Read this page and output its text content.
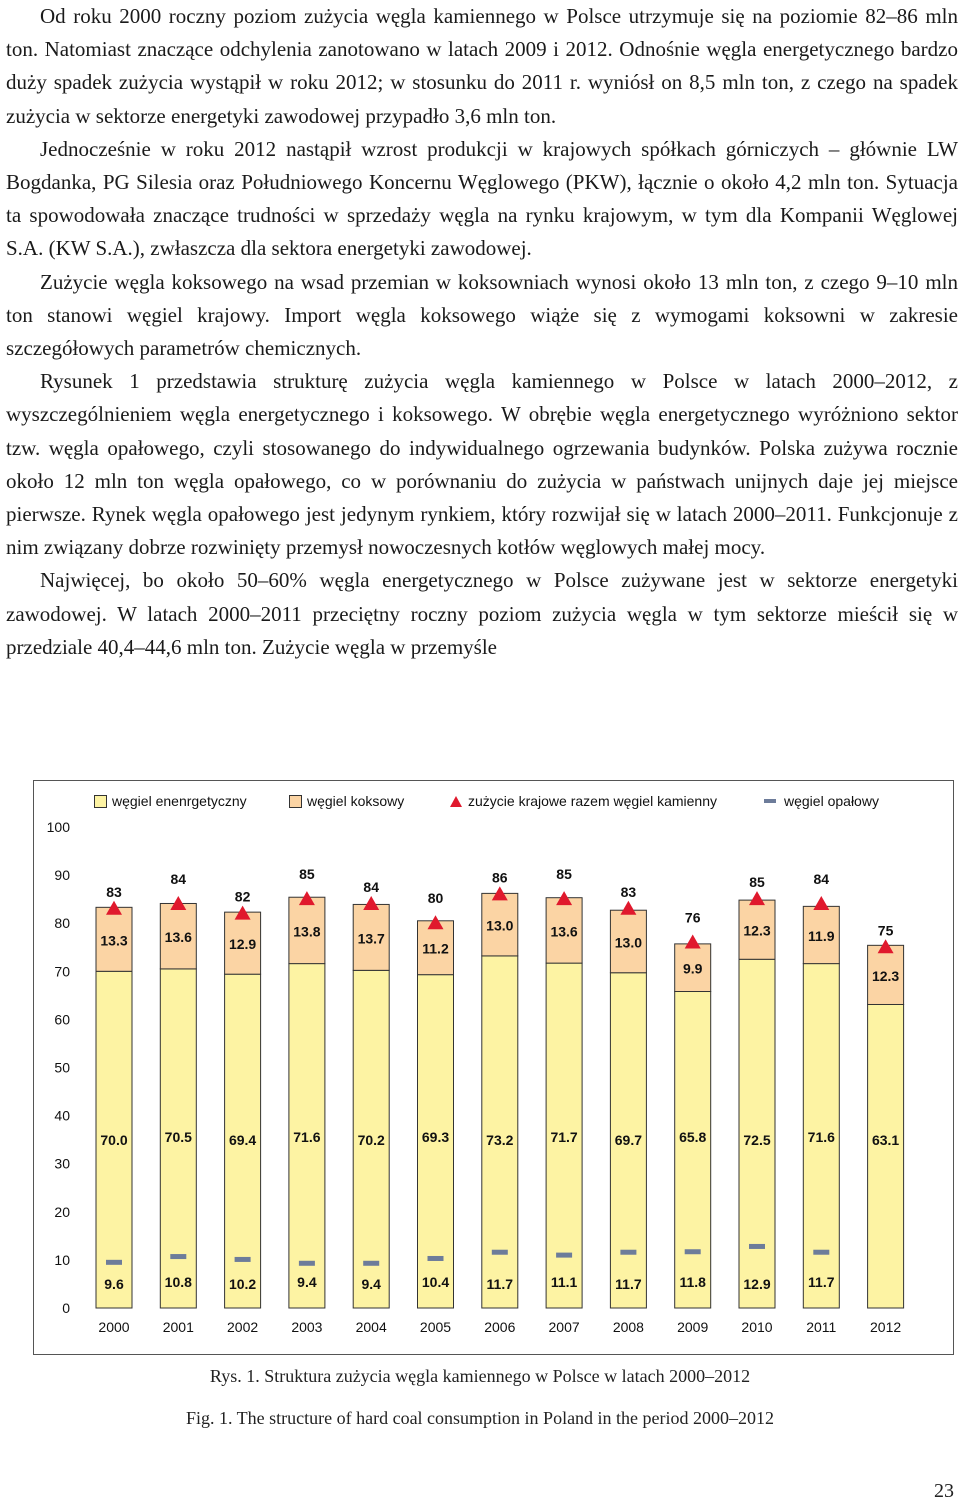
Od roku 2000 roczny poziom zużycia węgla kamiennego w Polsce utrzymuje się na poziomie 82–86 mln ton. Natomiast znaczące odchylenia zanotowano w latach 2009 i 2012. Odnośnie węgla energetycznego bardzo duży spadek zużycia wystąpił w roku 2012; w stosunku do 2011 r. wyniósł on 8,5 mln ton, z czego na spadek zużycia w sektorze energetyki zawodowej przypadło 3,6 mln ton.

Jednocześnie w roku 2012 nastąpił wzrost produkcji w krajowych spółkach górniczych – głównie LW Bogdanka, PG Silesia oraz Południowego Koncernu Węglowego (PKW), łącznie o około 4,2 mln ton. Sytuacja ta spowodowała znaczące trudności w sprzedaży węgla na rynku krajowym, w tym dla Kompanii Węglowej S.A. (KW S.A.), zwłaszcza dla sektora energetyki zawodowej.

Zużycie węgla koksowego na wsad przemian w koksowniach wynosi około 13 mln ton, z czego 9–10 mln ton stanowi węgiel krajowy. Import węgla koksowego wiąże się z wymogami koksowni w zakresie szczegółowych parametrów chemicznych.

Rysunek 1 przedstawia strukturę zużycia węgla kamiennego w Polsce w latach 2000–2012, z wyszczególnieniem węgla energetycznego i koksowego. W obrębie węgla energetycznego wyróżniono sektor tzw. węgla opałowego, czyli stosowanego do indywidualnego ogrzewania budynków. Polska zużywa rocznie około 12 mln ton węgla opałowego, co w porównaniu do zużycia w państwach unijnych daje jej miejsce pierwsze. Rynek węgla opałowego jest jedynym rynkiem, który rozwijał się w latach 2000–2011. Funkcjonuje z nim związany dobrze rozwinięty przemysł nowoczesnych kotłów węglowych małej mocy.

Najwięcej, bo około 50–60% węgla energetycznego w Polsce zużywane jest w sektorze energetyki zawodowej. W latach 2000–2011 przeciętny roczny poziom zużycia węgla w tym sektorze mieścił się w przedziale 40,4–44,6 mln ton. Zużycie węgla w przemyśle

węgiel enenrgetyczny	węgiel koksowy	zużycie krajowe razem węgiel kamienny	węgiel opałowy
0
10
20
30
40
50
60
70
80
90
100
70.0
13.3
83
9.6
2000
70.5
13.6
84
10.8
2001
69.4
12.9
82
10.2
2002
71.6
13.8
85
9.4
2003
70.2
13.7
84
9.4
2004
69.3
11.2
80
10.4
2005
73.2
13.0
86
11.7
2006
71.7
13.6
85
11.1
2007
69.7
13.0
83
11.7
2008
65.8
9.9
76
11.8
2009
72.5
12.3
85
12.9
2010
71.6
11.9
84
11.7
2011
63.1
12.3
75
2012
Rys. 1. Struktura zużycia węgla kamiennego w Polsce w latach 2000–2012
Fig. 1. The structure of hard coal consumption in Poland in the period 2000–2012
23
